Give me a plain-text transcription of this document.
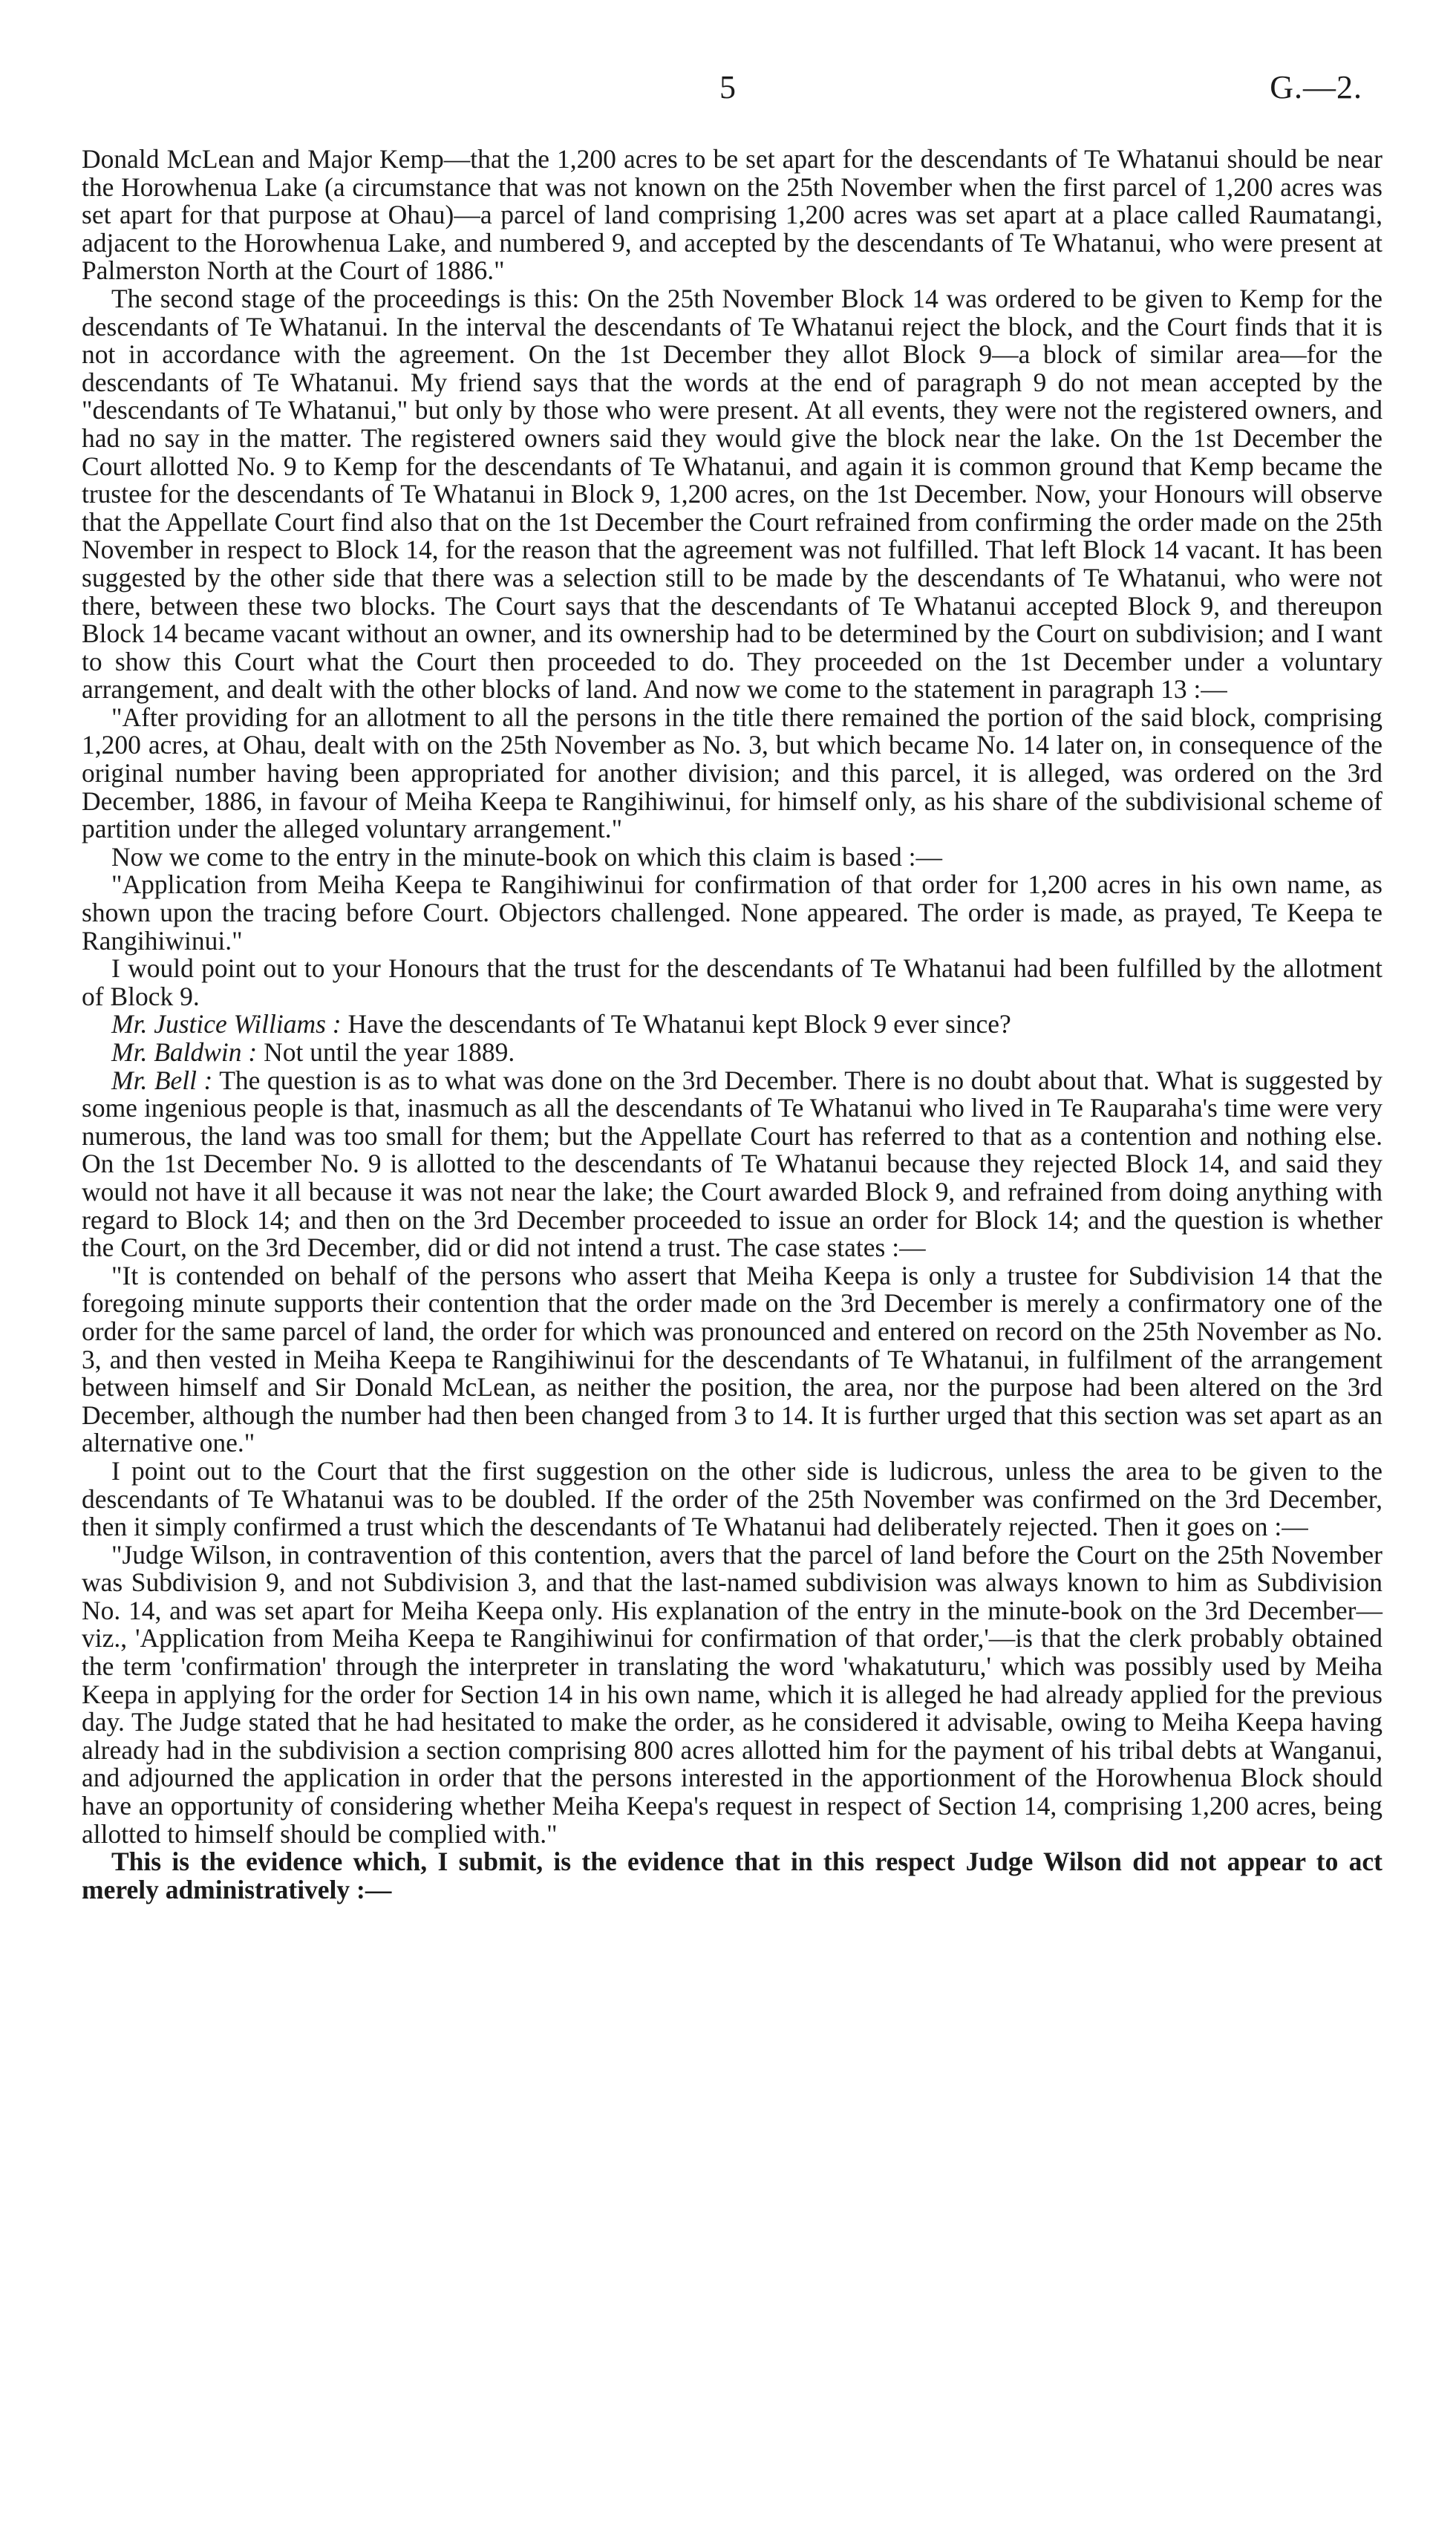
5	G.—2.

Donald McLean and Major Kemp—that the 1,200 acres to be set apart for the descendants of Te Whatanui should be near the Horowhenua Lake (a circumstance that was not known on the 25th November when the first parcel of 1,200 acres was set apart for that purpose at Ohau)—a parcel of land comprising 1,200 acres was set apart at a place called Raumatangi, adjacent to the Horowhenua Lake, and numbered 9, and accepted by the descendants of Te Whatanui, who were present at Palmerston North at the Court of 1886."

The second stage of the proceedings is this: On the 25th November Block 14 was ordered to be given to Kemp for the descendants of Te Whatanui. In the interval the descendants of Te Whatanui reject the block, and the Court finds that it is not in accordance with the agreement. On the 1st December they allot Block 9—a block of similar area—for the descendants of Te Whatanui. My friend says that the words at the end of paragraph 9 do not mean accepted by the "descendants of Te Whatanui," but only by those who were present. At all events, they were not the registered owners, and had no say in the matter. The registered owners said they would give the block near the lake. On the 1st December the Court allotted No. 9 to Kemp for the descendants of Te Whatanui, and again it is common ground that Kemp became the trustee for the descendants of Te Whatanui in Block 9, 1,200 acres, on the 1st December. Now, your Honours will observe that the Appellate Court find also that on the 1st December the Court refrained from confirming the order made on the 25th November in respect to Block 14, for the reason that the agreement was not fulfilled. That left Block 14 vacant. It has been suggested by the other side that there was a selection still to be made by the descendants of Te Whatanui, who were not there, between these two blocks. The Court says that the descendants of Te Whatanui accepted Block 9, and thereupon Block 14 became vacant without an owner, and its ownership had to be determined by the Court on subdivision; and I want to show this Court what the Court then proceeded to do. They proceeded on the 1st December under a voluntary arrangement, and dealt with the other blocks of land. And now we come to the statement in paragraph 13 :—

"After providing for an allotment to all the persons in the title there remained the portion of the said block, comprising 1,200 acres, at Ohau, dealt with on the 25th November as No. 3, but which became No. 14 later on, in consequence of the original number having been appropriated for another division; and this parcel, it is alleged, was ordered on the 3rd December, 1886, in favour of Meiha Keepa te Rangihiwinui, for himself only, as his share of the subdivisional scheme of partition under the alleged voluntary arrangement."

Now we come to the entry in the minute-book on which this claim is based :—

"Application from Meiha Keepa te Rangihiwinui for confirmation of that order for 1,200 acres in his own name, as shown upon the tracing before Court. Objectors challenged. None appeared. The order is made, as prayed, Te Keepa te Rangihiwinui."

I would point out to your Honours that the trust for the descendants of Te Whatanui had been fulfilled by the allotment of Block 9.

Mr. Justice Williams : Have the descendants of Te Whatanui kept Block 9 ever since?

Mr. Baldwin : Not until the year 1889.

Mr. Bell : The question is as to what was done on the 3rd December. There is no doubt about that. What is suggested by some ingenious people is that, inasmuch as all the descendants of Te Whatanui who lived in Te Rauparaha's time were very numerous, the land was too small for them; but the Appellate Court has referred to that as a contention and nothing else. On the 1st December No. 9 is allotted to the descendants of Te Whatanui because they rejected Block 14, and said they would not have it all because it was not near the lake; the Court awarded Block 9, and refrained from doing anything with regard to Block 14; and then on the 3rd December proceeded to issue an order for Block 14; and the question is whether the Court, on the 3rd December, did or did not intend a trust. The case states :—

"It is contended on behalf of the persons who assert that Meiha Keepa is only a trustee for Subdivision 14 that the foregoing minute supports their contention that the order made on the 3rd December is merely a confirmatory one of the order for the same parcel of land, the order for which was pronounced and entered on record on the 25th November as No. 3, and then vested in Meiha Keepa te Rangihiwinui for the descendants of Te Whatanui, in fulfilment of the arrangement between himself and Sir Donald McLean, as neither the position, the area, nor the purpose had been altered on the 3rd December, although the number had then been changed from 3 to 14. It is further urged that this section was set apart as an alternative one."

I point out to the Court that the first suggestion on the other side is ludicrous, unless the area to be given to the descendants of Te Whatanui was to be doubled. If the order of the 25th November was confirmed on the 3rd December, then it simply confirmed a trust which the descendants of Te Whatanui had deliberately rejected. Then it goes on :—

"Judge Wilson, in contravention of this contention, avers that the parcel of land before the Court on the 25th November was Subdivision 9, and not Subdivision 3, and that the last-named subdivision was always known to him as Subdivision No. 14, and was set apart for Meiha Keepa only. His explanation of the entry in the minute-book on the 3rd December—viz., 'Application from Meiha Keepa te Rangihiwinui for confirmation of that order,'—is that the clerk probably obtained the term 'confirmation' through the interpreter in translating the word 'whakatuturu,' which was possibly used by Meiha Keepa in applying for the order for Section 14 in his own name, which it is alleged he had already applied for the previous day. The Judge stated that he had hesitated to make the order, as he considered it advisable, owing to Meiha Keepa having already had in the subdivision a section comprising 800 acres allotted him for the payment of his tribal debts at Wanganui, and adjourned the application in order that the persons interested in the apportionment of the Horowhenua Block should have an opportunity of considering whether Meiha Keepa's request in respect of Section 14, comprising 1,200 acres, being allotted to himself should be complied with."

This is the evidence which, I submit, is the evidence that in this respect Judge Wilson did not appear to act merely administratively :—
